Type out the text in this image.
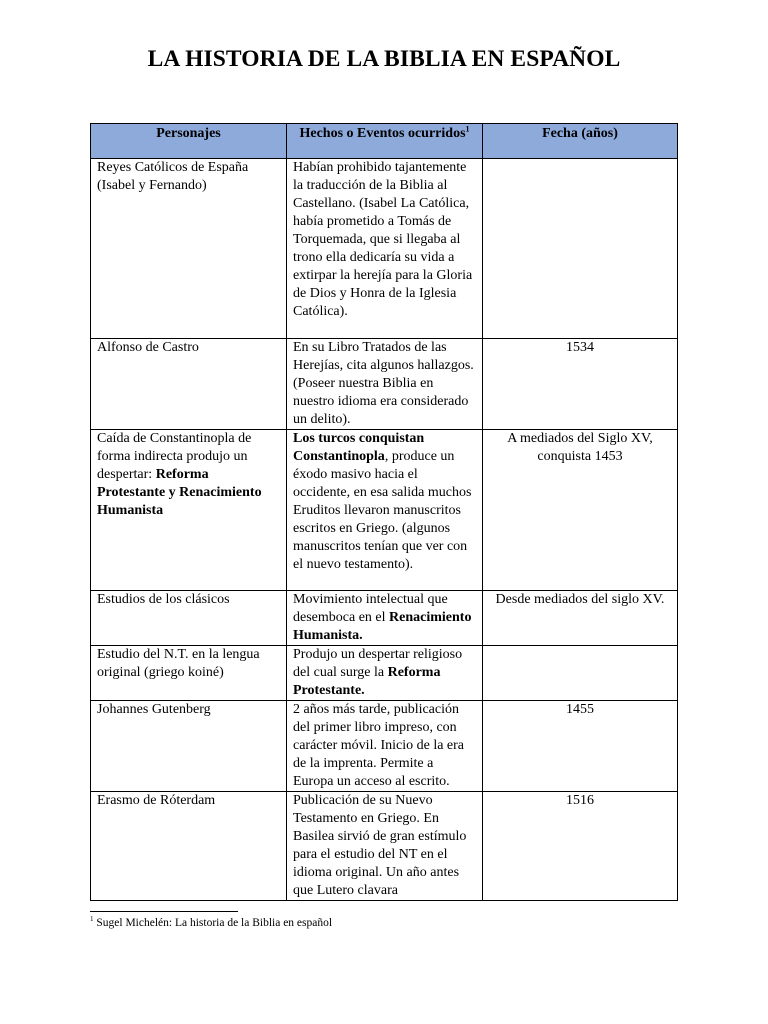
LA HISTORIA DE LA BIBLIA EN ESPAÑOL
Personajes	Hechos o Eventos ocurridos$^1$	Fecha (años)
Reyes Católicos de España (Isabel y Fernando)	Habían prohibido tajantemente la traducción de la Biblia al Castellano. (Isabel La Católica, había prometido a Tomás de Torquemada, que si llegaba al trono ella dedicaría su vida a extirpar la herejía para la Gloria de Dios y Honra de la Iglesia Católica).	
Alfonso de Castro	En su Libro Tratados de las Herejías, cita algunos hallazgos. (Poseer nuestra Biblia en nuestro idioma era considerado un delito).	1534
Caída de Constantinopla de forma indirecta produjo un despertar: Reforma Protestante y Renacimiento Humanista	Los turcos conquistan Constantinopla, produce un éxodo masivo hacia el occidente, en esa salida muchos Eruditos llevaron manuscritos escritos en Griego. (algunos manuscritos tenían que ver con el nuevo testamento).	A mediados del Siglo XV, conquista 1453
Estudios de los clásicos	Movimiento intelectual que desemboca en el Renacimiento Humanista.	Desde mediados del siglo XV.
Estudio del N.T. en la lengua original (griego koiné)	Produjo un despertar religioso del cual surge la Reforma Protestante.	
Johannes Gutenberg	2 años más tarde, publicación del primer libro impreso, con carácter móvil. Inicio de la era de la imprenta. Permite a Europa un acceso al escrito.	1455
Erasmo de Róterdam	Publicación de su Nuevo Testamento en Griego. En Basilea sirvió de gran estímulo para el estudio del NT en el idioma original. Un año antes que Lutero clavara	1516
$^1$ Sugel Michelén: La historia de la Biblia en español
